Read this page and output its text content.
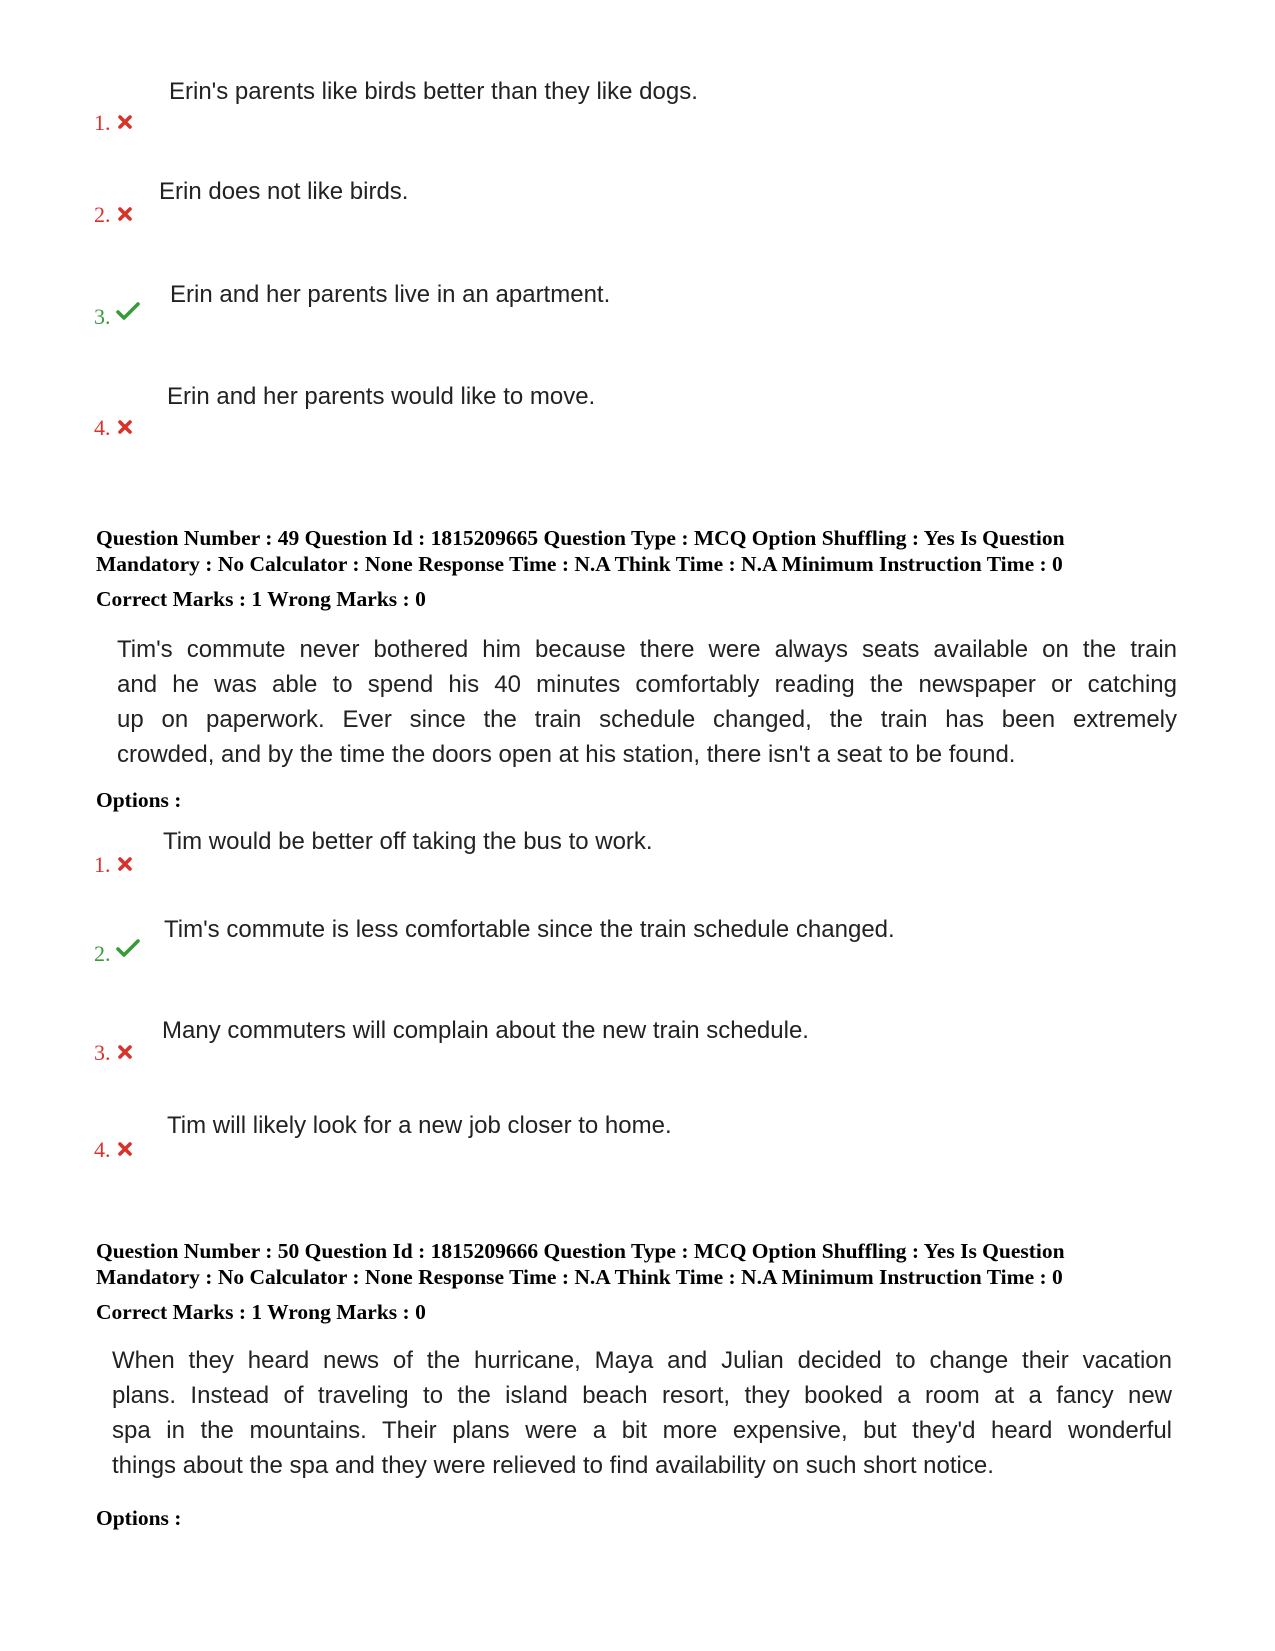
1.
Erin's parents like birds better than they like dogs.
2.
Erin does not like birds.
3.
Erin and her parents live in an apartment.
4.
Erin and her parents would like to move.
Question Number : 49 Question Id : 1815209665 Question Type : MCQ Option Shuffling : Yes Is Question
Mandatory : No Calculator : None Response Time : N.A Think Time : N.A Minimum Instruction Time : 0
Correct Marks : 1 Wrong Marks : 0
Tim's commute never bothered him because there were always seats available on the train
and he was able to spend his 40 minutes comfortably reading the newspaper or catching
up on paperwork. Ever since the train schedule changed, the train has been extremely
crowded, and by the time the doors open at his station, there isn't a seat to be found.
Options :
1.
Tim would be better off taking the bus to work.
2.
Tim's commute is less comfortable since the train schedule changed.
3.
Many commuters will complain about the new train schedule.
4.
Tim will likely look for a new job closer to home.
Question Number : 50 Question Id : 1815209666 Question Type : MCQ Option Shuffling : Yes Is Question
Mandatory : No Calculator : None Response Time : N.A Think Time : N.A Minimum Instruction Time : 0
Correct Marks : 1 Wrong Marks : 0
When they heard news of the hurricane, Maya and Julian decided to change their vacation
plans. Instead of traveling to the island beach resort, they booked a room at a fancy new
spa in the mountains. Their plans were a bit more expensive, but they'd heard wonderful
things about the spa and they were relieved to find availability on such short notice.
Options :
